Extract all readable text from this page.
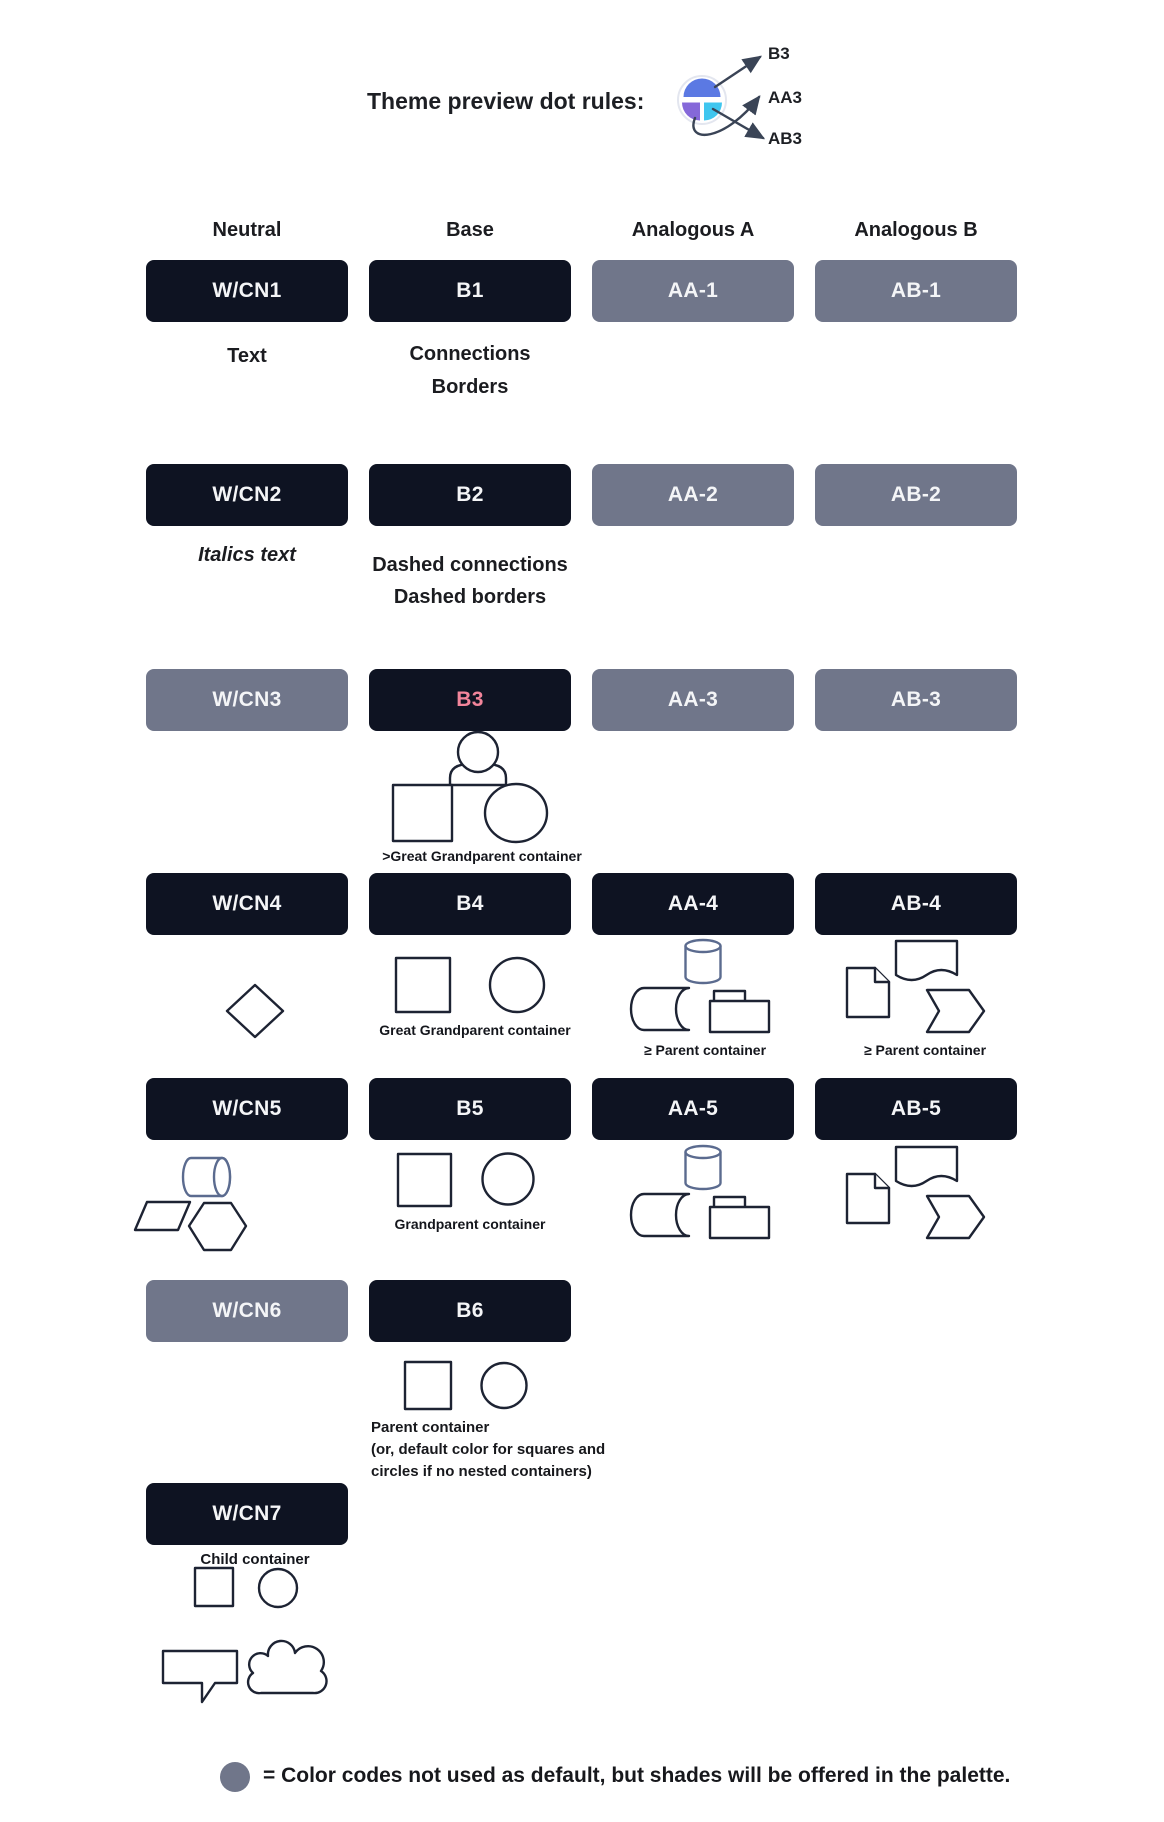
Theme preview dot rules:
B3
AA3
AB3
Neutral	Base	Analogous A	Analogous B
W/CN1	B1	AA-1	AB-1
Text	Connections
Borders
W/CN2	B2	AA-2	AB-2
Italics text	Dashed connections
Dashed borders
W/CN3	B3	AA-3	AB-3
>Great Grandparent container
W/CN4	B4	AA-4	AB-4
Great Grandparent container
≥ Parent container	≥ Parent container
W/CN5	B5	AA-5	AB-5
Grandparent container
W/CN6	B6
Parent container
(or, default color for squares and
circles if no nested containers)
W/CN7
Child container
= Color codes not used as default, but shades will be offered in the palette.
